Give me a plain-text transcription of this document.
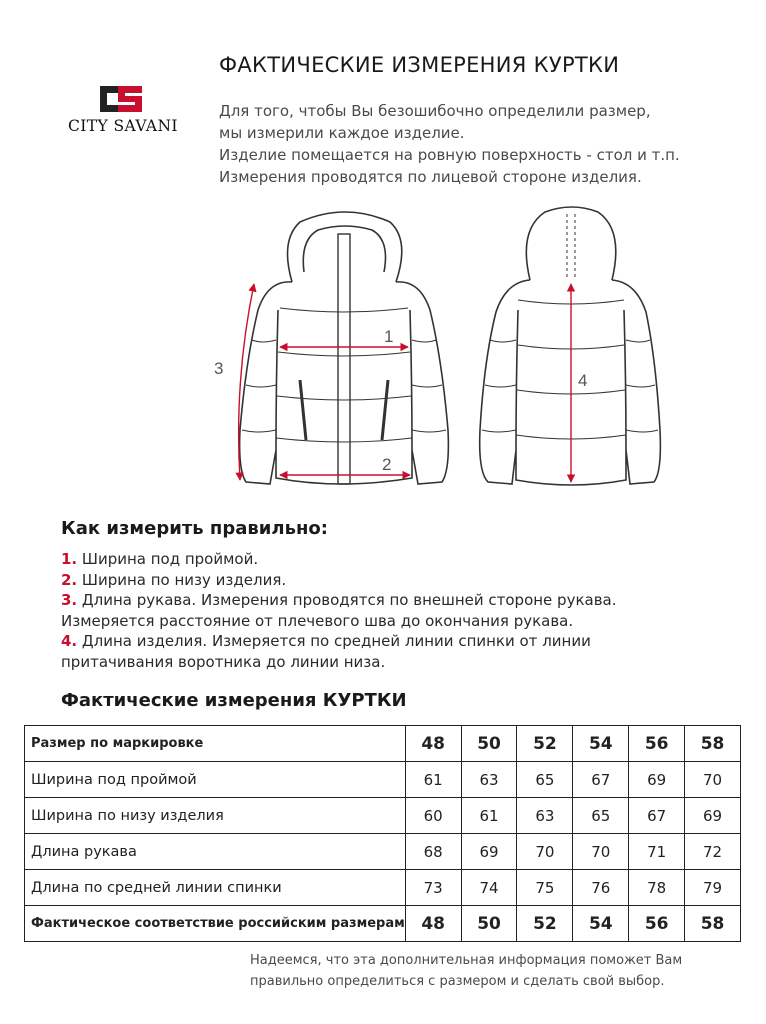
CITY SAVANI
ФАКТИЧЕСКИЕ ИЗМЕРЕНИЯ КУРТКИ
Для того, чтобы Вы безошибочно определили размер,
мы измерили каждое изделие.
Изделие помещается на ровную поверхность - стол и т.п.
Измерения проводятся по лицевой стороне изделия.
1
2
3
4
Как измерить правильно:
1. Ширина под проймой.
2. Ширина по низу изделия.
3. Длина рукава. Измерения проводятся по внешней стороне рукава.
Измеряется расстояние от плечевого шва до окончания рукава.
4. Длина изделия. Измеряется по средней линии спинки от линии
притачивания воротника до линии низа.
Фактические измерения КУРТКИ
Размер по маркировке	48	50	52	54	56	58
Ширина под проймой	61	63	65	67	69	70
Ширина по низу изделия	60	61	63	65	67	69
Длина рукава	68	69	70	70	71	72
Длина по средней линии спинки	73	74	75	76	78	79
Фактическое соответствие российским размерам	48	50	52	54	56	58
Надеемся, что эта дополнительная информация поможет Вам
правильно определиться с размером и сделать свой выбор.
